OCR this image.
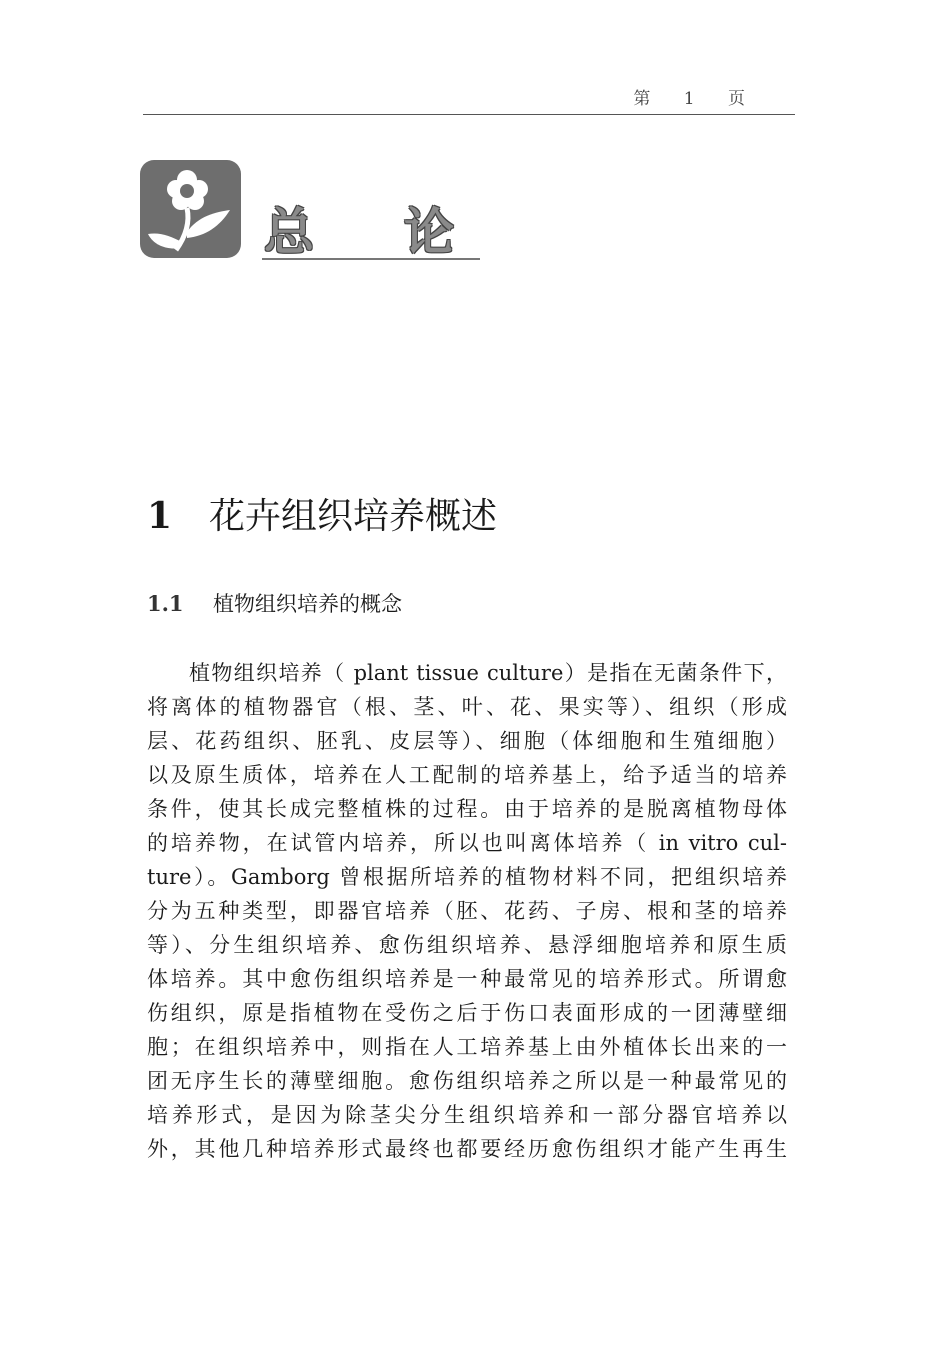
第 1 页
总 论
1 花卉组织培养概述
1.1 植物组织培养的概念
植物组织培养（ plant tissue culture）是指在无菌条件下，
将离体的植物器官（根、茎、叶、花、果实等）、组织（形成
层、花药组织、胚乳、皮层等）、细胞（体细胞和生殖细胞）
以及原生质体，培养在人工配制的培养基上，给予适当的培养
条件，使其长成完整植株的过程。由于培养的是脱离植物母体
的培养物，在试管内培养，所以也叫离体培养（ in vitro cul-
ture）。Gamborg 曾根据所培养的植物材料不同，把组织培养
分为五种类型，即器官培养（胚、花药、子房、根和茎的培养
等）、分生组织培养、愈伤组织培养、悬浮细胞培养和原生质
体培养。其中愈伤组织培养是一种最常见的培养形式。所谓愈
伤组织，原是指植物在受伤之后于伤口表面形成的一团薄壁细
胞；在组织培养中，则指在人工培养基上由外植体长出来的一
团无序生长的薄壁细胞。愈伤组织培养之所以是一种最常见的
培养形式，是因为除茎尖分生组织培养和一部分器官培养以
外，其他几种培养形式最终也都要经历愈伤组织才能产生再生
